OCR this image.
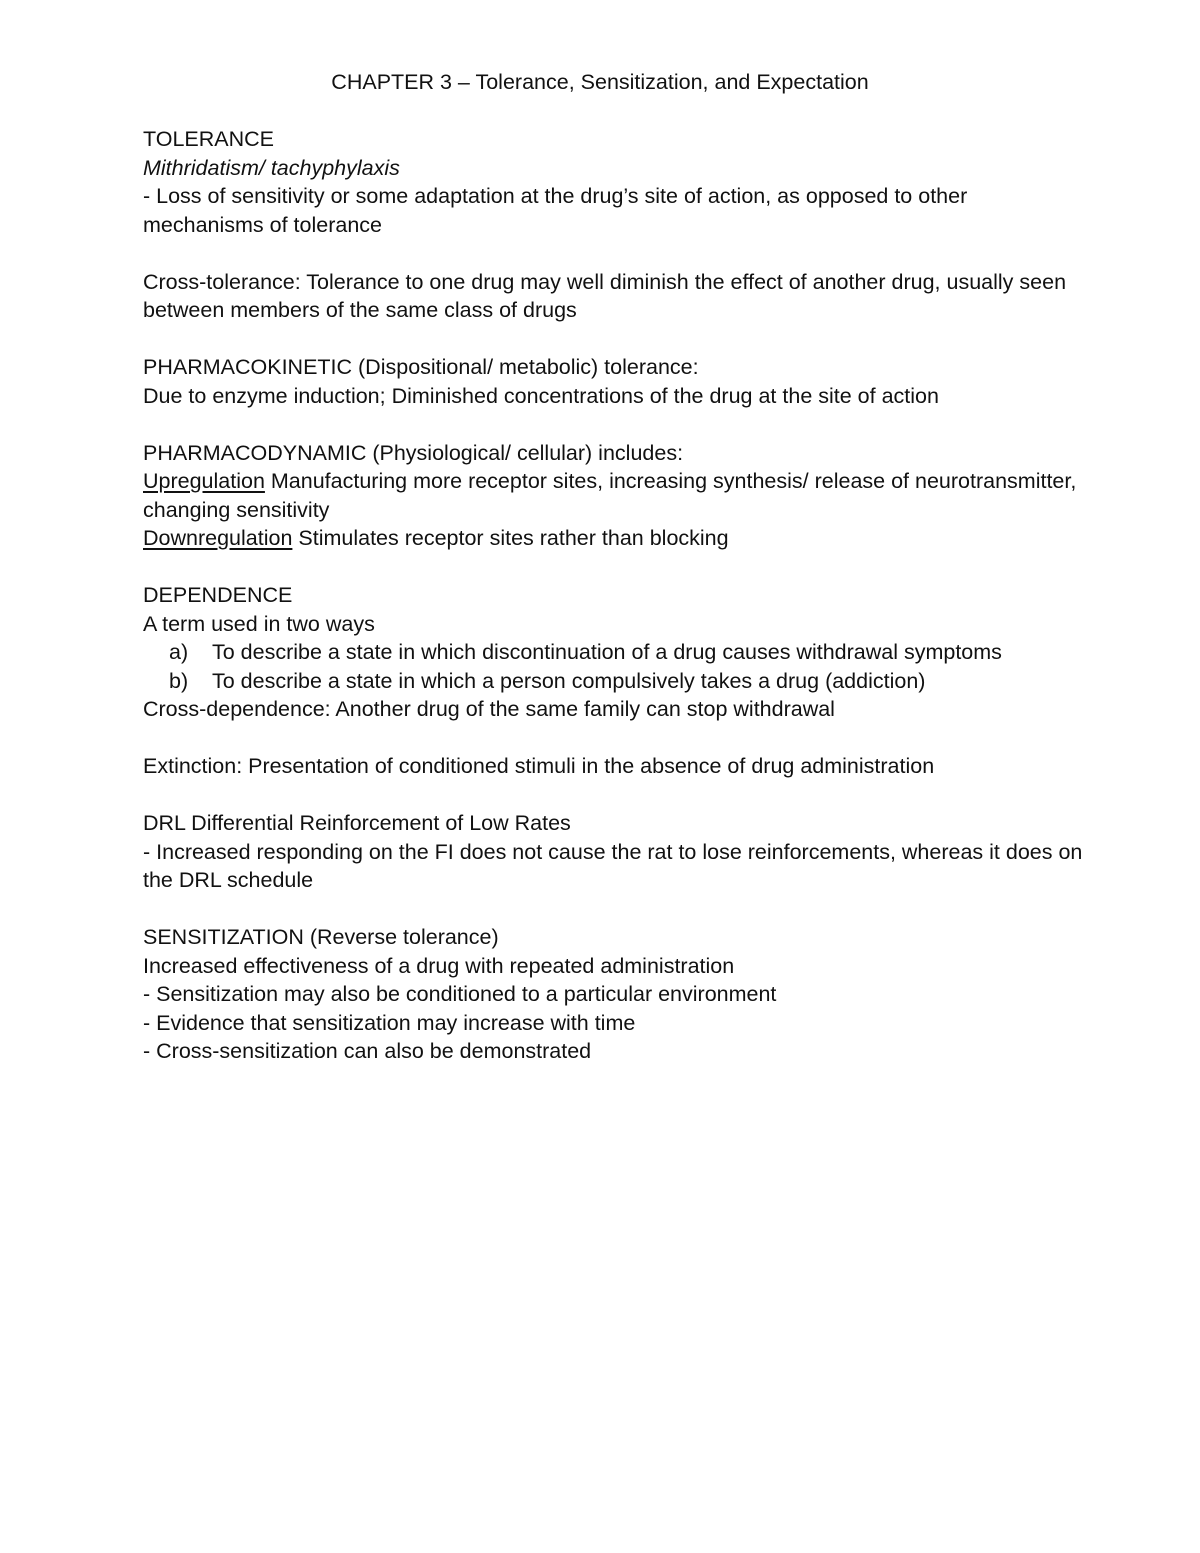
CHAPTER 3 – Tolerance, Sensitization, and Expectation
TOLERANCE
Mithridatism/ tachyphylaxis
- Loss of sensitivity or some adaptation at the drug’s site of action, as opposed to other mechanisms of tolerance
Cross-tolerance: Tolerance to one drug may well diminish the effect of another drug, usually seen between members of the same class of drugs
PHARMACOKINETIC (Dispositional/ metabolic) tolerance:
Due to enzyme induction; Diminished concentrations of the drug at the site of action
PHARMACODYNAMIC (Physiological/ cellular) includes:
Upregulation Manufacturing more receptor sites, increasing synthesis/ release of neurotransmitter, changing sensitivity
Downregulation Stimulates receptor sites rather than blocking
DEPENDENCE
A term used in two ways
a)	To describe a state in which discontinuation of a drug causes withdrawal symptoms
b)	To describe a state in which a person compulsively takes a drug (addiction)
Cross-dependence: Another drug of the same family can stop withdrawal
Extinction: Presentation of conditioned stimuli in the absence of drug administration
DRL Differential Reinforcement of Low Rates
- Increased responding on the FI does not cause the rat to lose reinforcements, whereas it does on the DRL schedule
SENSITIZATION (Reverse tolerance)
Increased effectiveness of a drug with repeated administration
- Sensitization may also be conditioned to a particular environment
- Evidence that sensitization may increase with time
- Cross-sensitization can also be demonstrated
